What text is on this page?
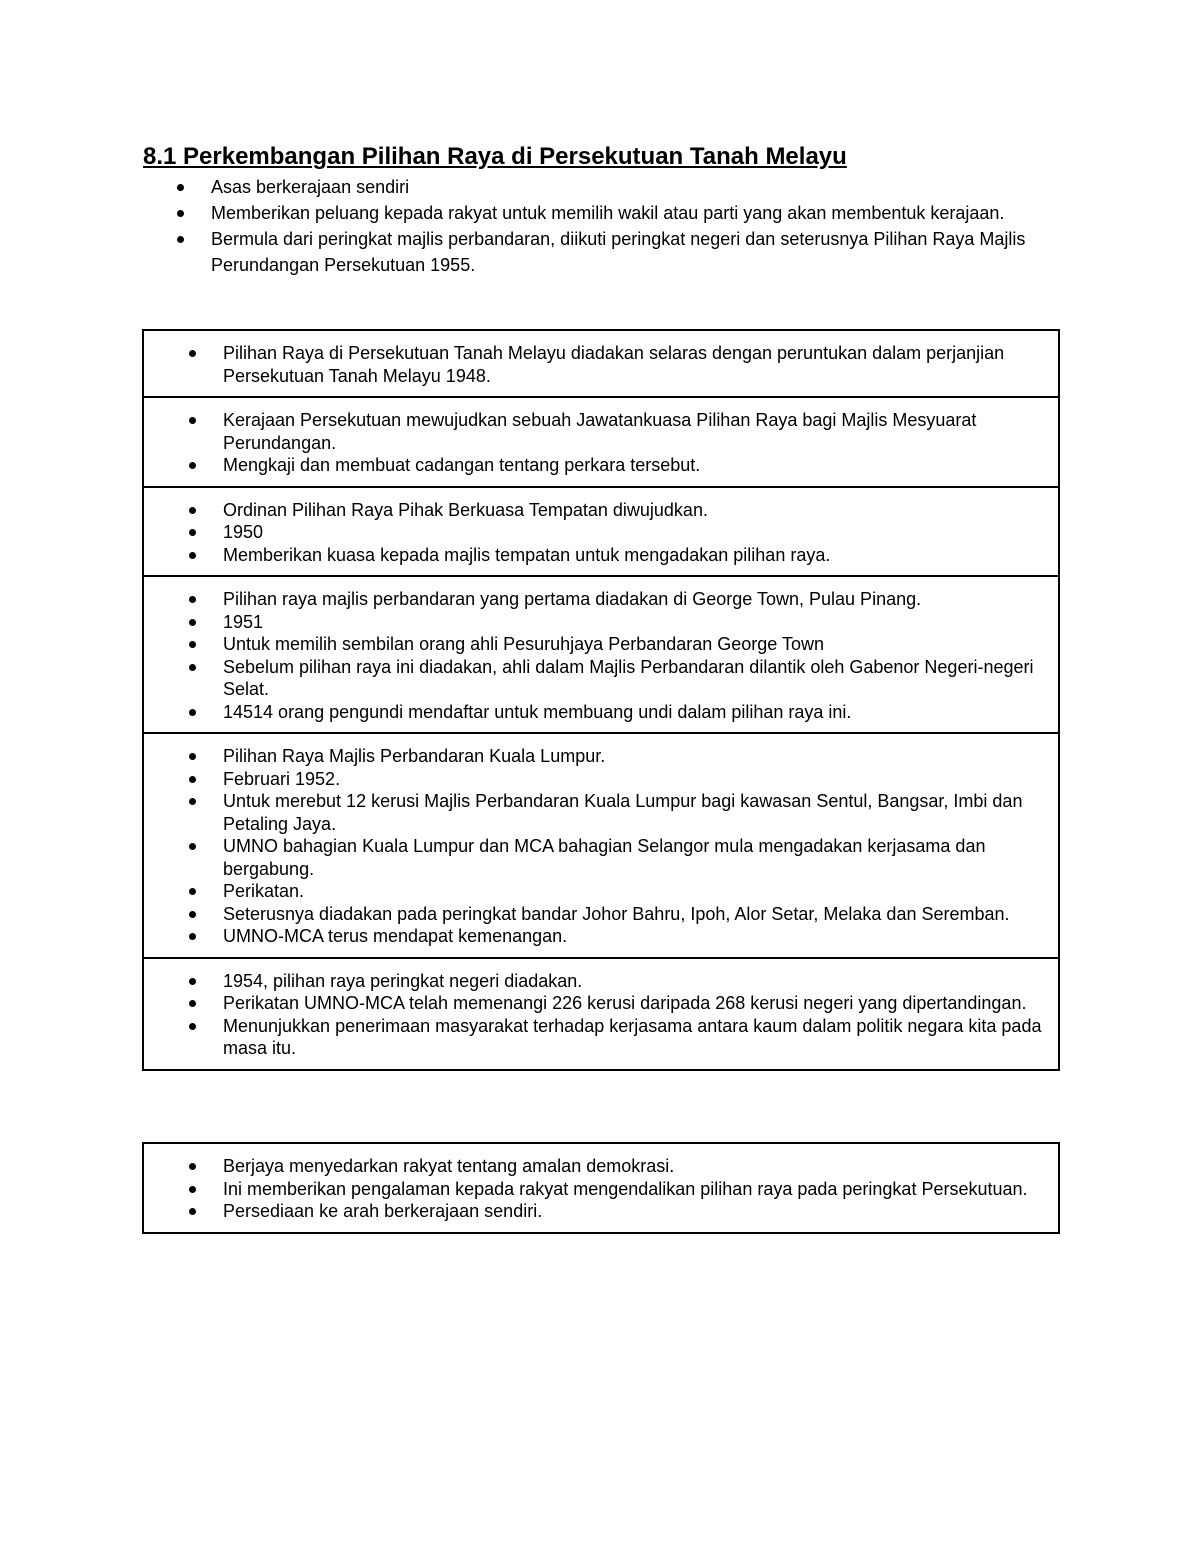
8.1 Perkembangan Pilihan Raya di Persekutuan Tanah Melayu
Asas berkerajaan sendiri
Memberikan peluang kepada rakyat untuk memilih wakil atau parti yang akan membentuk kerajaan.
Bermula dari peringkat majlis perbandaran, diikuti peringkat negeri dan seterusnya Pilihan Raya Majlis Perundangan Persekutuan 1955.
Pilihan Raya di Persekutuan Tanah Melayu diadakan selaras dengan peruntukan dalam perjanjian Persekutuan Tanah Melayu 1948.
Kerajaan Persekutuan mewujudkan sebuah Jawatankuasa Pilihan Raya bagi Majlis Mesyuarat Perundangan.
Mengkaji dan membuat cadangan tentang perkara tersebut.
Ordinan Pilihan Raya Pihak Berkuasa Tempatan diwujudkan.
1950
Memberikan kuasa kepada majlis tempatan untuk mengadakan pilihan raya.
Pilihan raya majlis perbandaran yang pertama diadakan di George Town, Pulau Pinang.
1951
Untuk memilih sembilan orang ahli Pesuruhjaya Perbandaran George Town
Sebelum pilihan raya ini diadakan, ahli dalam Majlis Perbandaran dilantik oleh Gabenor Negeri-negeri Selat.
14514 orang pengundi mendaftar untuk membuang undi dalam pilihan raya ini.
Pilihan Raya Majlis Perbandaran Kuala Lumpur.
Februari 1952.
Untuk merebut 12 kerusi Majlis Perbandaran Kuala Lumpur bagi kawasan Sentul, Bangsar, Imbi dan Petaling Jaya.
UMNO bahagian Kuala Lumpur dan MCA bahagian Selangor mula mengadakan kerjasama dan bergabung.
Perikatan.
Seterusnya diadakan pada peringkat bandar Johor Bahru, Ipoh, Alor Setar, Melaka dan Seremban.
UMNO-MCA terus mendapat kemenangan.
1954, pilihan raya peringkat negeri diadakan.
Perikatan UMNO-MCA telah memenangi 226 kerusi daripada 268 kerusi negeri yang dipertandingan.
Menunjukkan penerimaan masyarakat terhadap kerjasama antara kaum dalam politik negara kita pada masa itu.
Berjaya menyedarkan rakyat tentang amalan demokrasi.
Ini memberikan pengalaman kepada rakyat mengendalikan pilihan raya pada peringkat Persekutuan.
Persediaan ke arah berkerajaan sendiri.
